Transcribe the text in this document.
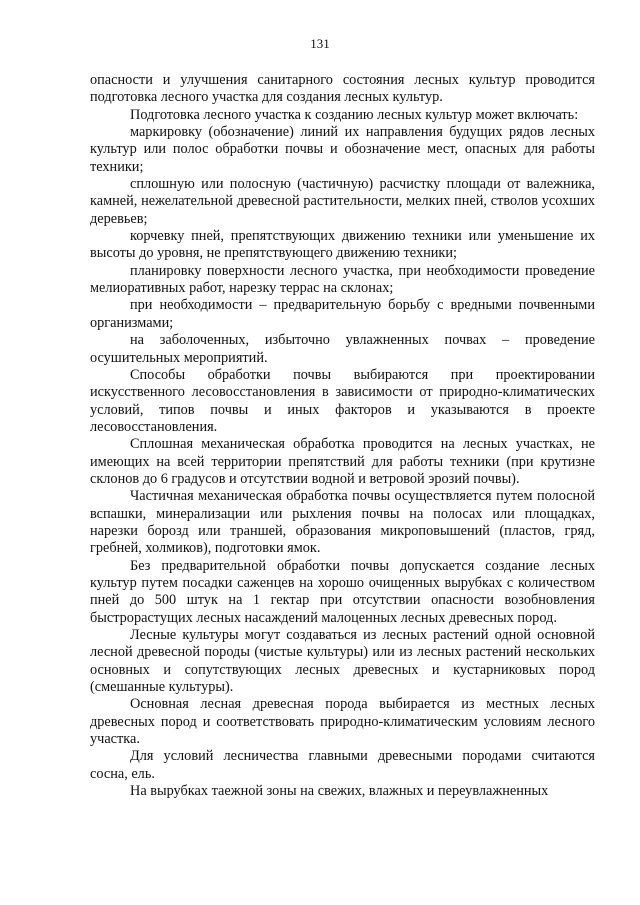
131

опасности и улучшения санитарного состояния лесных культур проводится подготовка лесного участка для создания лесных культур.

Подготовка лесного участка к созданию лесных культур может включать:

маркировку (обозначение) линий их направления будущих рядов лесных культур или полос обработки почвы и обозначение мест, опасных для работы техники;

сплошную или полосную (частичную) расчистку площади от валежника, камней, нежелательной древесной растительности, мелких пней, стволов усохших деревьев;

корчевку пней, препятствующих движению техники или уменьшение их высоты до уровня, не препятствующего движению техники;

планировку поверхности лесного участка, при необходимости проведение мелиоративных работ, нарезку террас на склонах;

при необходимости – предварительную борьбу с вредными почвенными организмами;

на заболоченных, избыточно увлажненных почвах – проведение осушительных мероприятий.

Способы обработки почвы выбираются при проектировании искусственного лесовосстановления в зависимости от природно-климатических условий, типов почвы и иных факторов и указываются в проекте лесовосстановления.

Сплошная механическая обработка проводится на лесных участках, не имеющих на всей территории препятствий для работы техники (при крутизне склонов до 6 градусов и отсутствии водной и ветровой эрозий почвы).

Частичная механическая обработка почвы осуществляется путем полосной вспашки, минерализации или рыхления почвы на полосах или площадках, нарезки борозд или траншей, образования микроповышений (пластов, гряд, гребней, холмиков), подготовки ямок.

Без предварительной обработки почвы допускается создание лесных культур путем посадки саженцев на хорошо очищенных вырубках с количеством пней до 500 штук на 1 гектар при отсутствии опасности возобновления быстрорастущих лесных насаждений малоценных лесных древесных пород.

Лесные культуры могут создаваться из лесных растений одной основной лесной древесной породы (чистые культуры) или из лесных растений нескольких основных и сопутствующих лесных древесных и кустарниковых пород (смешанные культуры).

Основная лесная древесная порода выбирается из местных лесных древесных пород и соответствовать природно-климатическим условиям лесного участка.

Для условий лесничества главными древесными породами считаются сосна, ель.

На вырубках таежной зоны на свежих, влажных и переувлажненных
